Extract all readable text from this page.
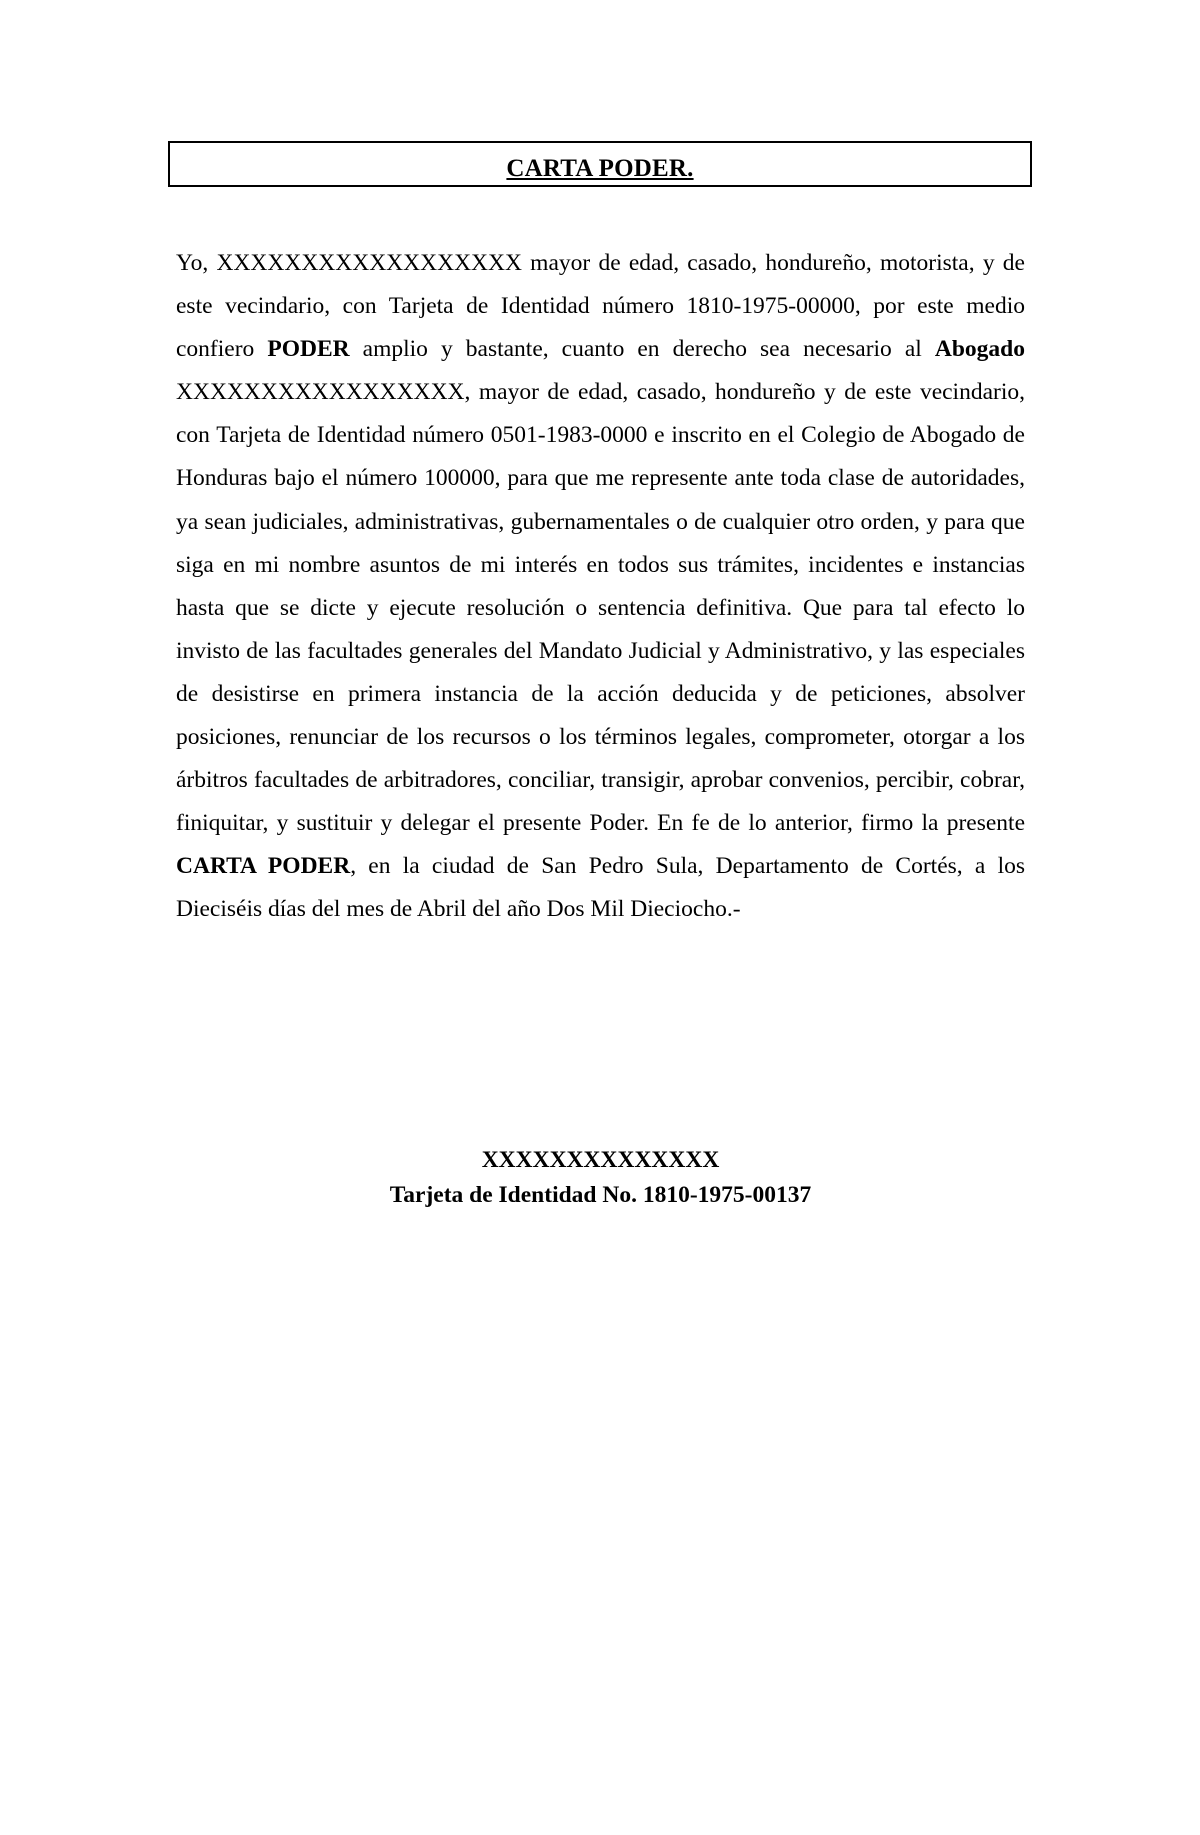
CARTA PODER.

Yo, XXXXXXXXXXXXXXXXXX mayor de edad, casado, hondureño, motorista, y de este vecindario, con Tarjeta de Identidad número 1810-1975-00000, por este medio confiero PODER amplio y bastante, cuanto en derecho sea necesario al Abogado XXXXXXXXXXXXXXXXX, mayor de edad, casado, hondureño y de este vecindario, con Tarjeta de Identidad número 0501-1983-0000 e inscrito en el Colegio de Abogado de Honduras bajo el número 100000, para que me represente ante toda clase de autoridades, ya sean judiciales, administrativas, gubernamentales o de cualquier otro orden, y para que siga en mi nombre asuntos de mi interés en todos sus trámites, incidentes e instancias hasta que se dicte y ejecute resolución o sentencia definitiva. Que para tal efecto lo invisto de las facultades generales del Mandato Judicial y Administrativo, y las especiales de desistirse en primera instancia de la acción deducida y de peticiones, absolver posiciones, renunciar de los recursos o los términos legales, comprometer, otorgar a los árbitros facultades de arbitradores, conciliar, transigir, aprobar convenios, percibir, cobrar, finiquitar, y sustituir y delegar el presente Poder. En fe de lo anterior, firmo la presente CARTA PODER, en la ciudad de San Pedro Sula, Departamento de Cortés, a los Dieciséis días del mes de Abril del año Dos Mil Dieciocho.-

XXXXXXXXXXXXXX
Tarjeta de Identidad No. 1810-1975-00137
